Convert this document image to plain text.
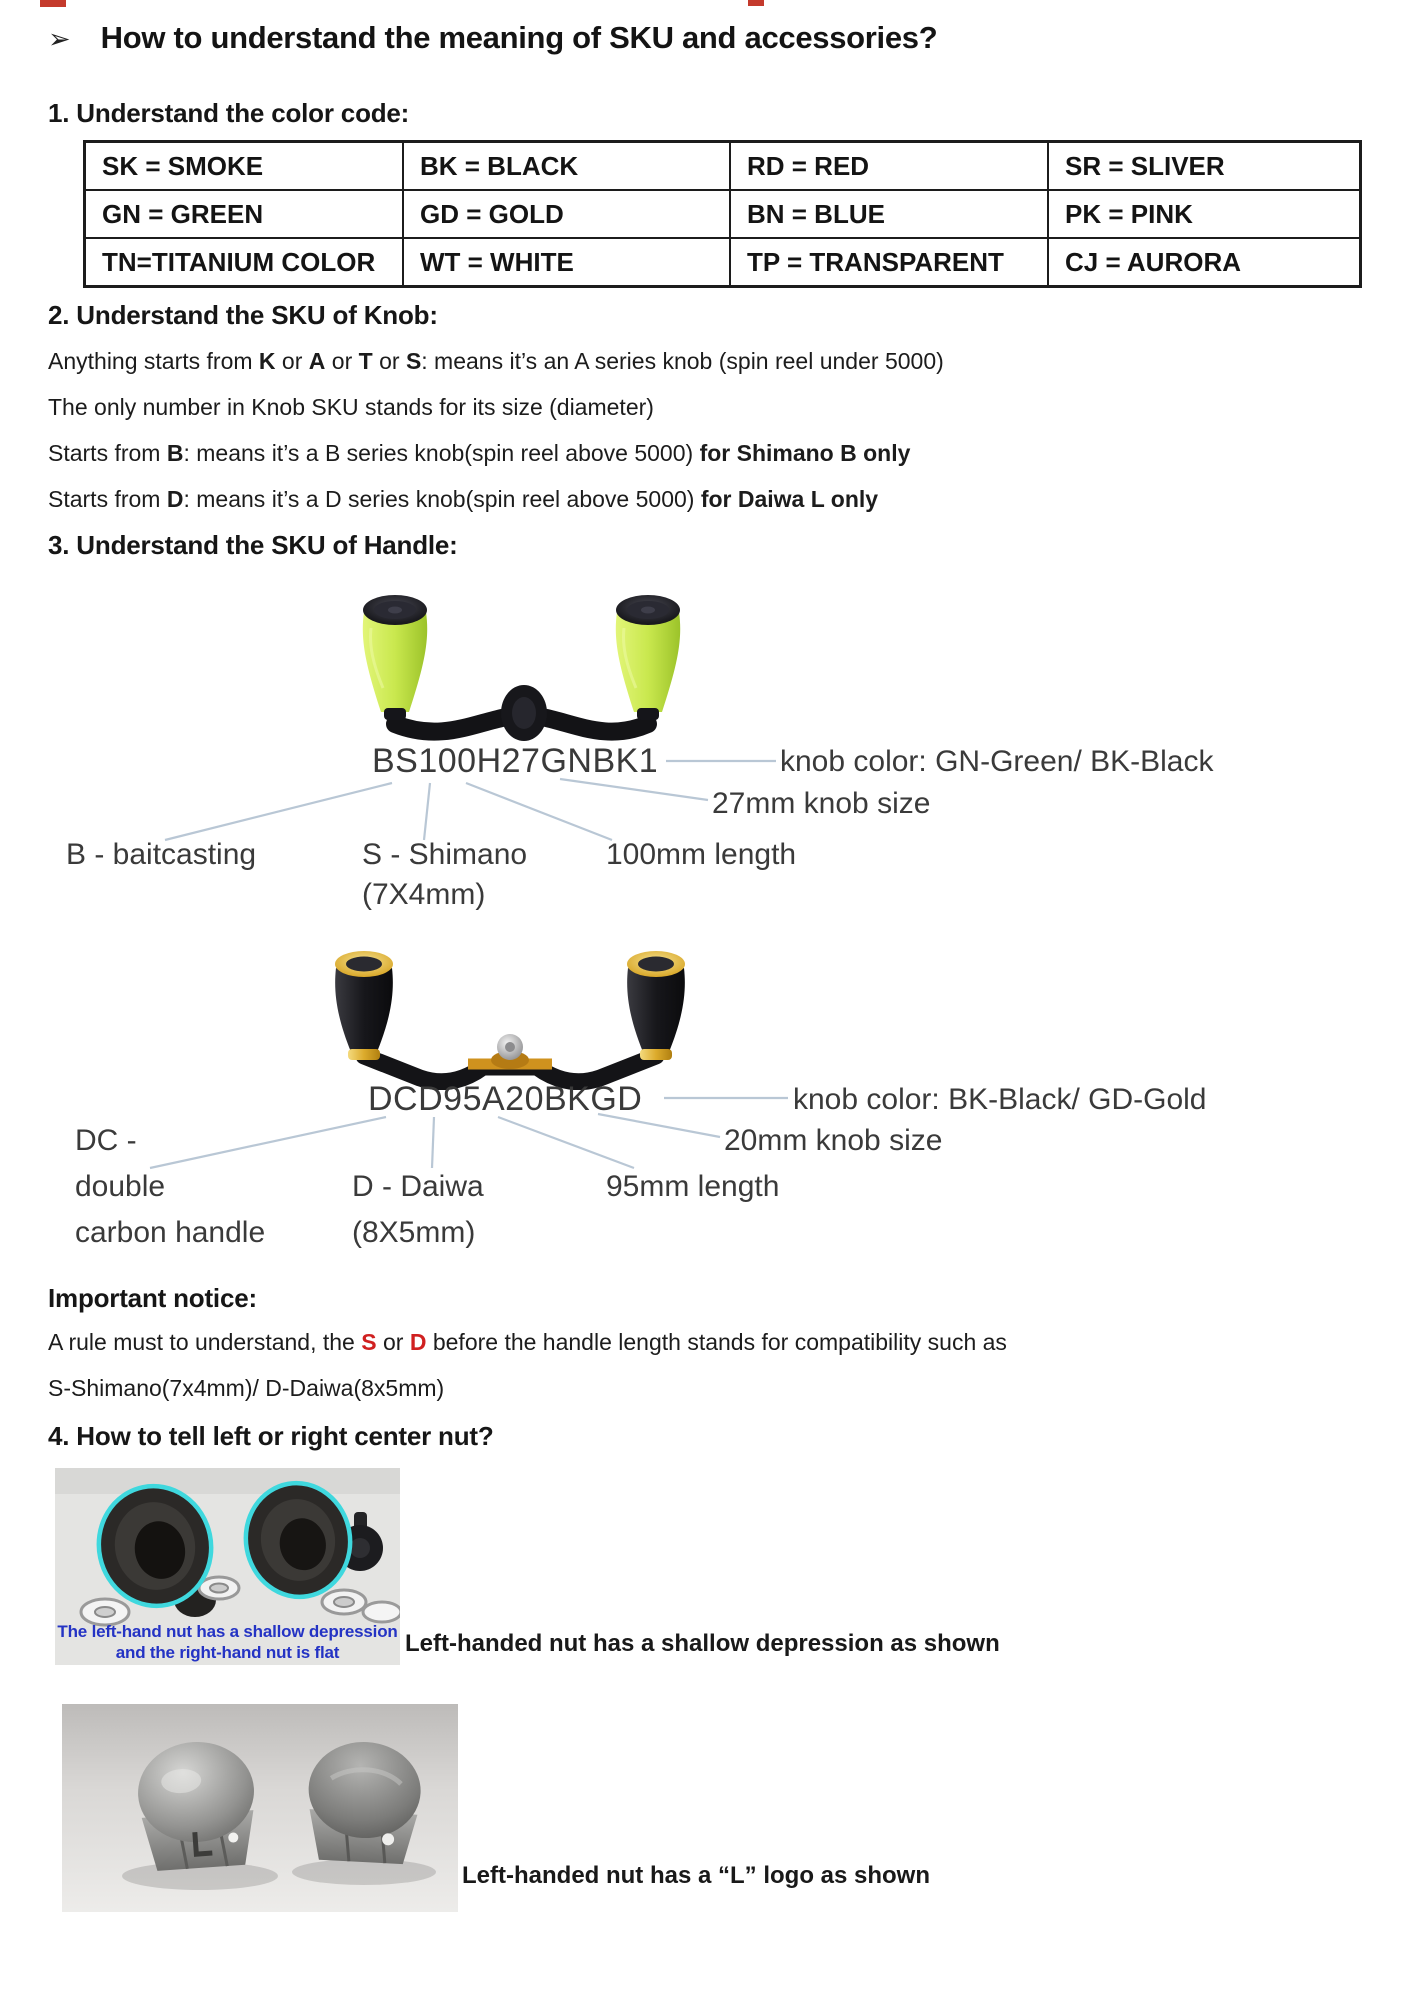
➢ How to understand the meaning of SKU and accessories?
1. Understand the color code:
SK = SMOKE	BK = BLACK	RD = RED	SR = SLIVER
GN = GREEN	GD = GOLD	BN = BLUE	PK = PINK
TN=TITANIUM COLOR	WT = WHITE	TP = TRANSPARENT	CJ = AURORA
2. Understand the SKU of Knob:
Anything starts from K or A or T or S: means it’s an A series knob (spin reel under 5000)
The only number in Knob SKU stands for its size (diameter)
Starts from B: means it’s a B series knob(spin reel above 5000) for Shimano B only
Starts from D: means it’s a D series knob(spin reel above 5000) for Daiwa L only
3. Understand the SKU of Handle:
BS100H27GNBK1	knob color: GN-Green/ BK-Black
27mm knob size
B - baitcasting	S - Shimano
(7X4mm)
100mm length
DCD95A20BKGD	knob color: BK-Black/ GD-Gold
20mm knob size
DC -
double
carbon handle
D - Daiwa
(8X5mm)
95mm length
Important notice:
A rule must to understand, the S or D before the handle length stands for compatibility such as
S-Shimano(7x4mm)/ D-Daiwa(8x5mm)
4. How to tell left or right center nut?
The left-hand nut has a shallow depression
and the right-hand nut is flat	Left-handed nut has a shallow depression as shown
Left-handed nut has a “L” logo as shown
